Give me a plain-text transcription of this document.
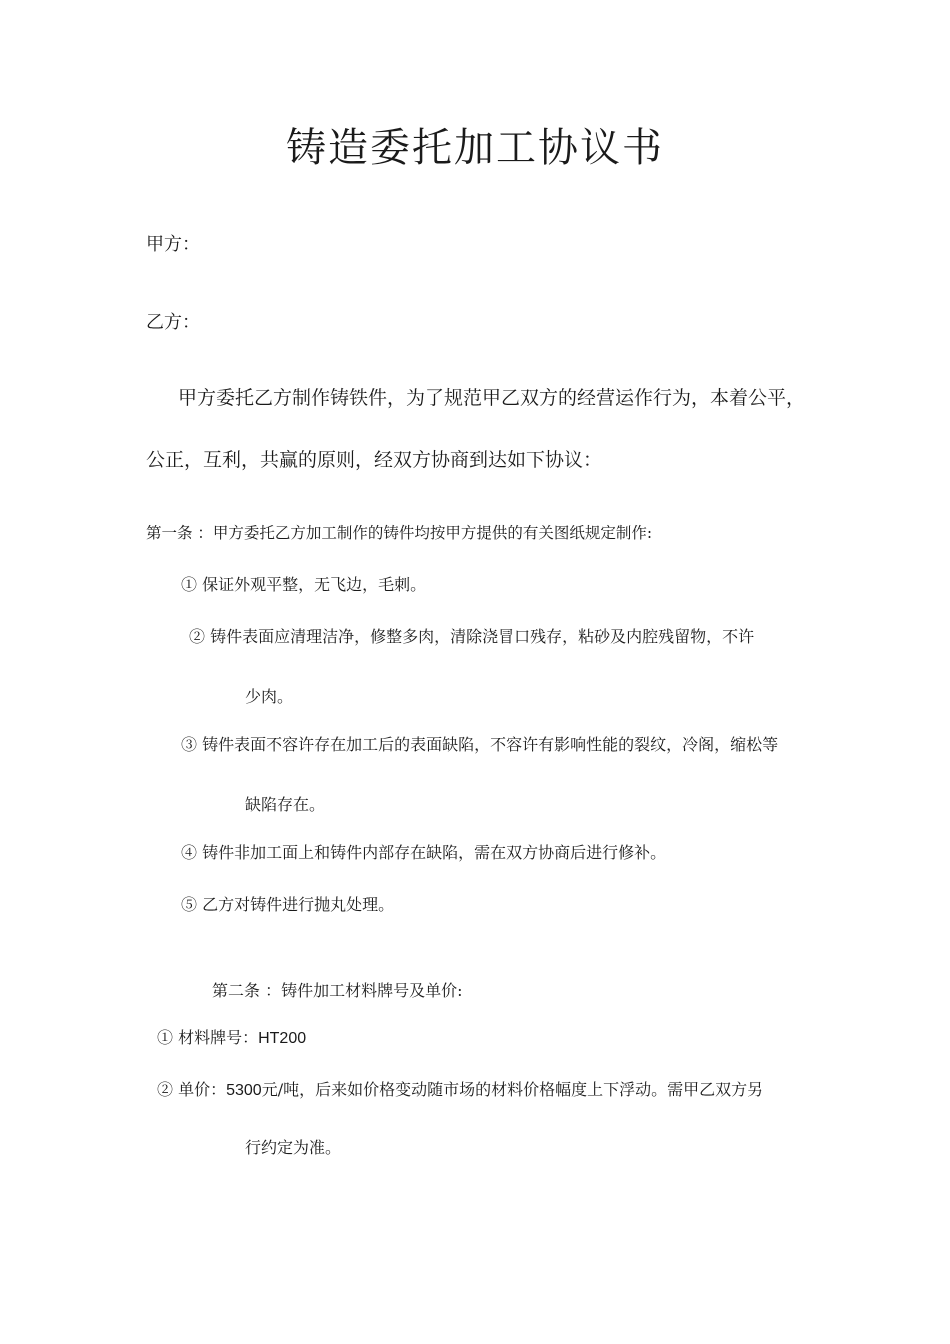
铸造委托加工协议书
甲方：
乙方：
甲方委托乙方制作铸铁件，为了规范甲乙双方的经营运作行为，本着公平，
公正，互利，共赢的原则，经双方协商到达如下协议：
第一条 ：甲方委托乙方加工制作的铸件均按甲方提供的有关图纸规定制作:
① 保证外观平整，无飞边，毛刺。
② 铸件表面应清理洁净，修整多肉，清除浇冒口残存，粘砂及内腔残留物，不许
少肉。
③ 铸件表面不容许存在加工后的表面缺陷，不容许有影响性能的裂纹，冷阁，缩松等
缺陷存在。
④ 铸件非加工面上和铸件内部存在缺陷，需在双方协商后进行修补。
⑤ 乙方对铸件进行抛丸处理。
第二条 ：铸件加工材料牌号及单价:
① 材料牌号：HT200
② 单价：5300元/吨，后来如价格变动随市场的材料价格幅度上下浮动。需甲乙双方另
行约定为准。
